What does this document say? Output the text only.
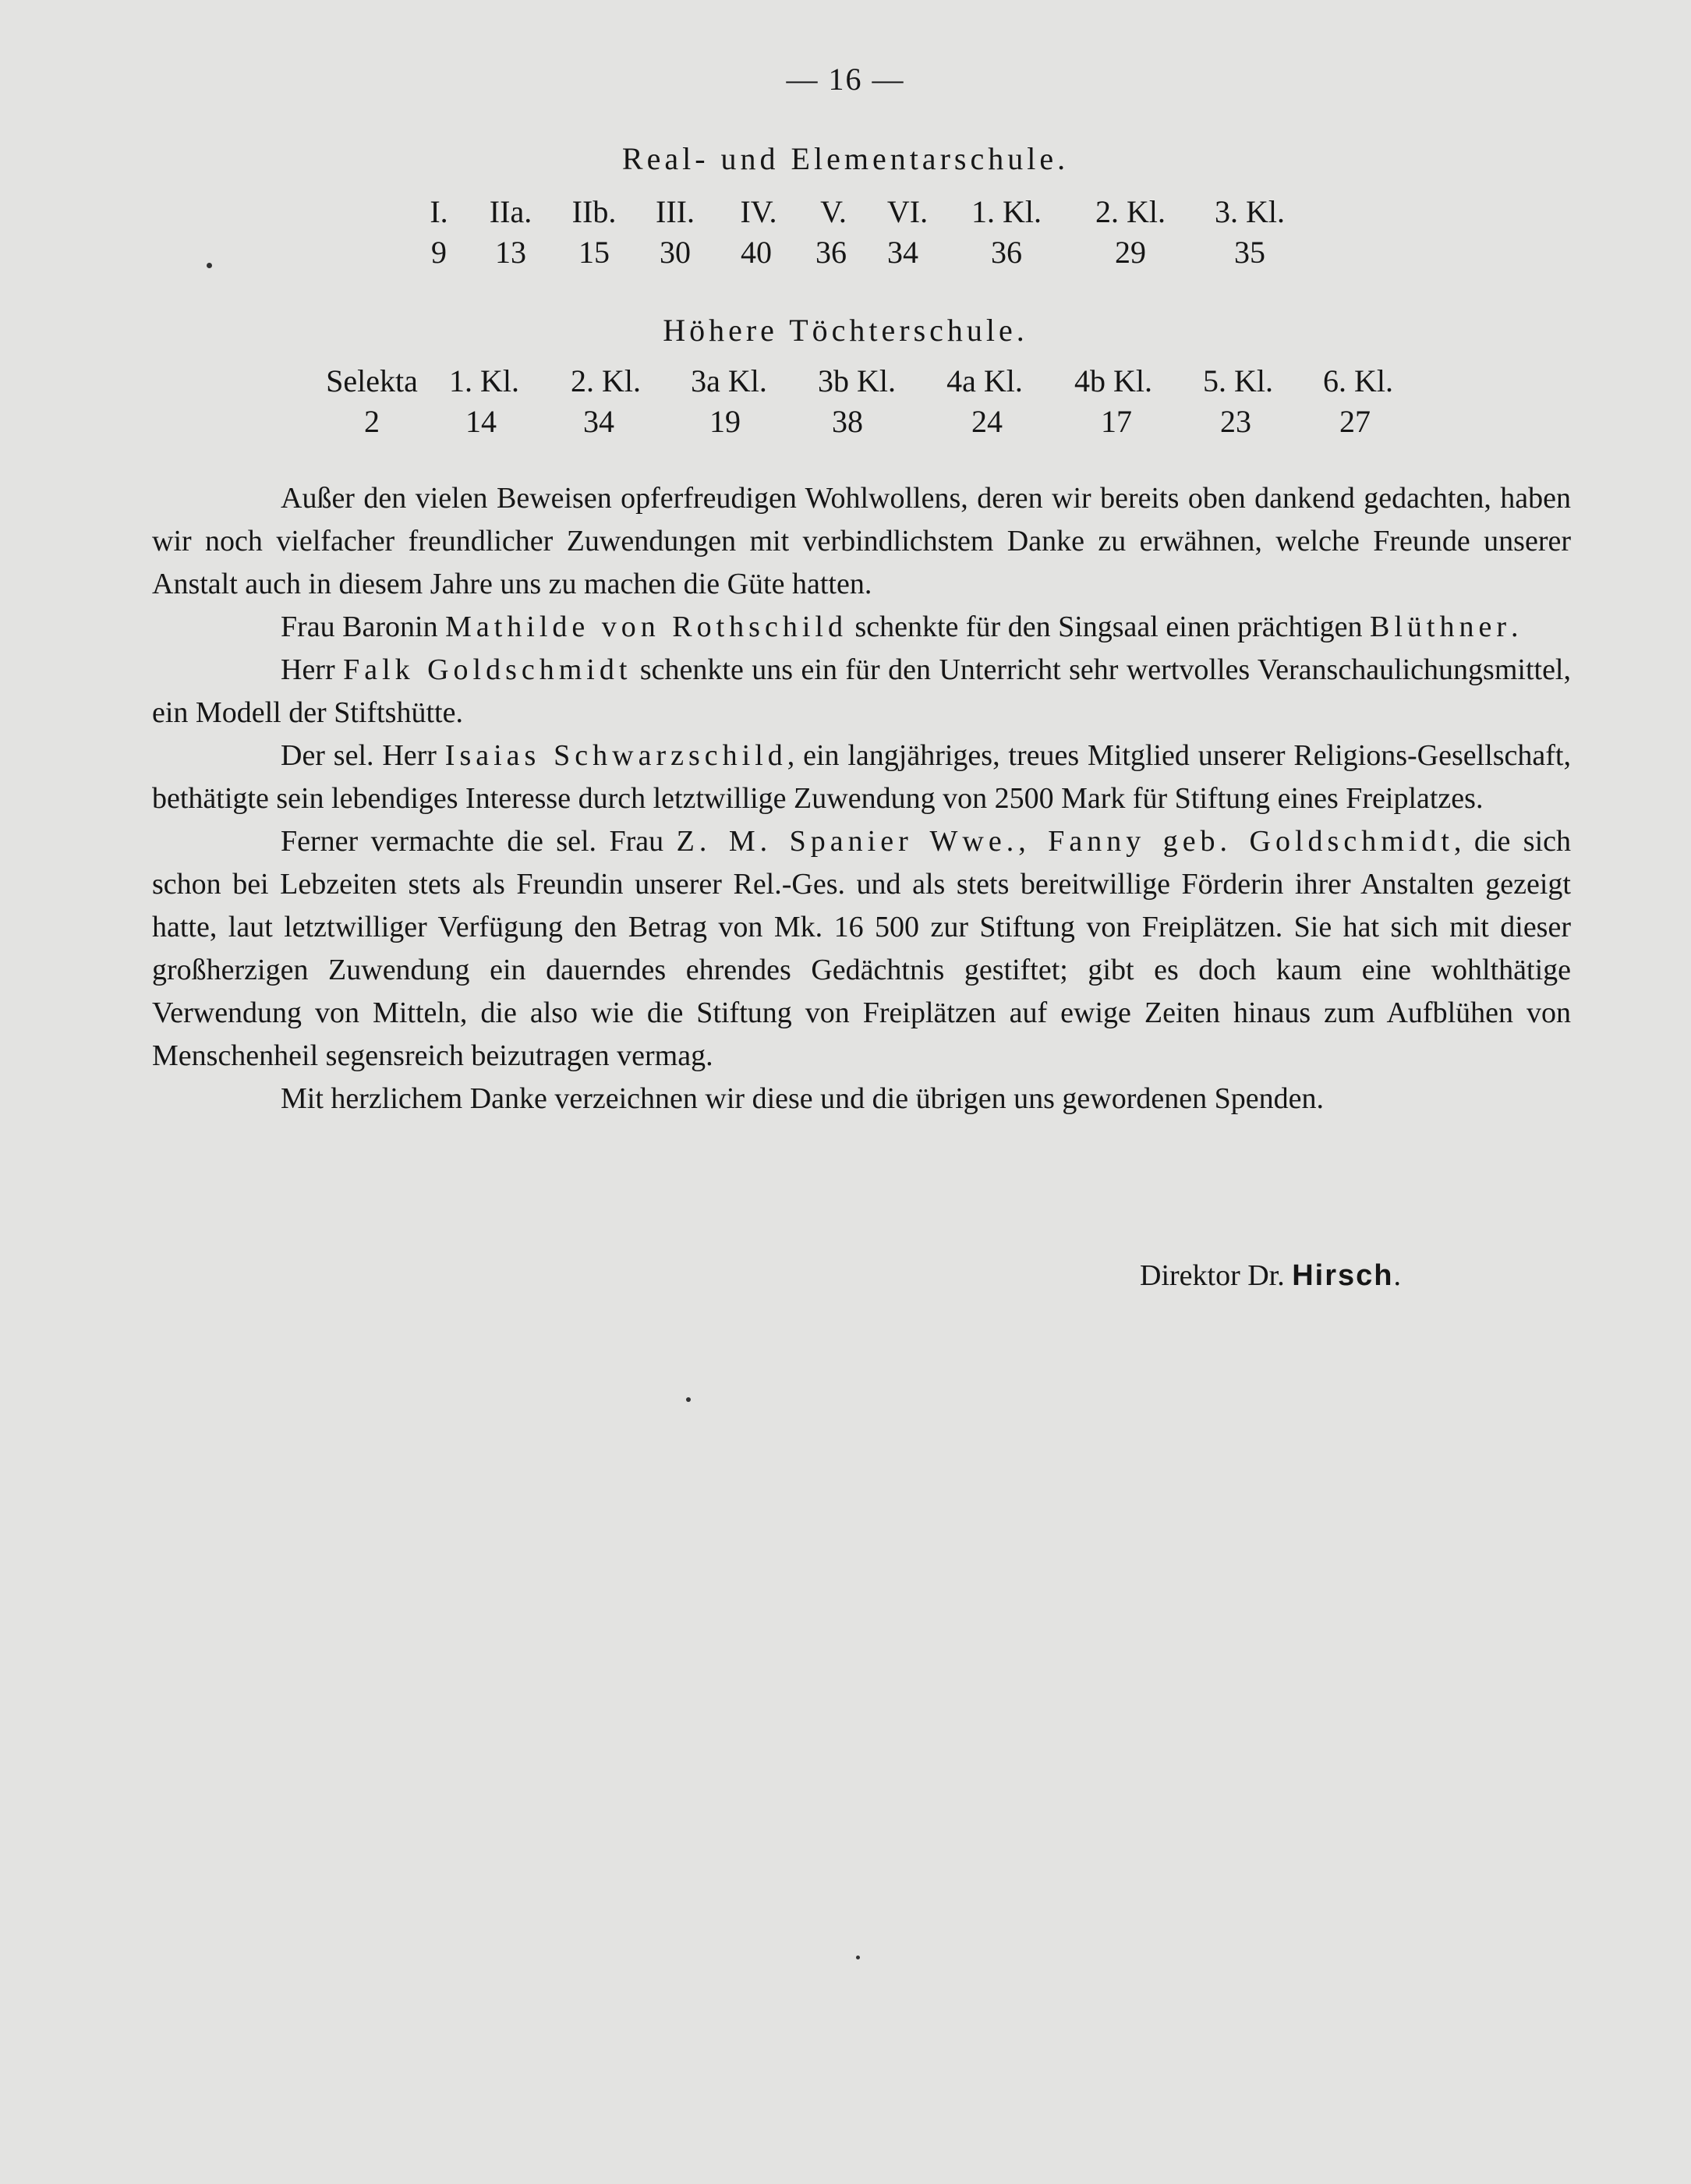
— 16 —
Real- und Elementarschule.
I. IIa. IIb. III. IV. V. VI. 1. Kl. 2. Kl. 3. Kl.
9 13 15 30 40 36 34 36	29	35
Höhere Töchterschule.
Selekta 1. Kl. 2. Kl. 3a Kl. 3b Kl. 4a Kl. 4b Kl. 5. Kl. 6. Kl.
2	14	34	19	38	24	17	23	27

Außer den vielen Beweisen opferfreudigen Wohlwollens, deren wir bereits oben dankend gedachten, haben wir noch vielfacher freundlicher Zuwendungen mit verbindlichstem Danke zu erwähnen, welche Freunde unserer Anstalt auch in diesem Jahre uns zu machen die Güte hatten.

Frau Baronin Mathilde von Rothschild schenkte für den Singsaal einen prächtigen Blüthner.

Herr Falk Goldschmidt schenkte uns ein für den Unterricht sehr wertvolles Veranschaulichungsmittel, ein Modell der Stiftshütte.

Der sel. Herr Isaias Schwarzschild, ein langjähriges, treues Mitglied unserer Religions-Gesellschaft, bethätigte sein lebendiges Interesse durch letztwillige Zuwendung von 2500 Mark für Stiftung eines Freiplatzes.

Ferner vermachte die sel. Frau Z. M. Spanier Wwe., Fanny geb. Goldschmidt, die sich schon bei Lebzeiten stets als Freundin unserer Rel.-Ges. und als stets bereitwillige Förderin ihrer Anstalten gezeigt hatte, laut letztwilliger Verfügung den Betrag von Mk. 16 500 zur Stiftung von Freiplätzen. Sie hat sich mit dieser großherzigen Zuwendung ein dauerndes ehrendes Gedächtnis gestiftet; gibt es doch kaum eine wohlthätige Verwendung von Mitteln, die also wie die Stiftung von Freiplätzen auf ewige Zeiten hinaus zum Aufblühen von Menschenheil segensreich beizutragen vermag.

Mit herzlichem Danke verzeichnen wir diese und die übrigen uns gewordenen Spenden.

Direktor Dr. Hirsch.
